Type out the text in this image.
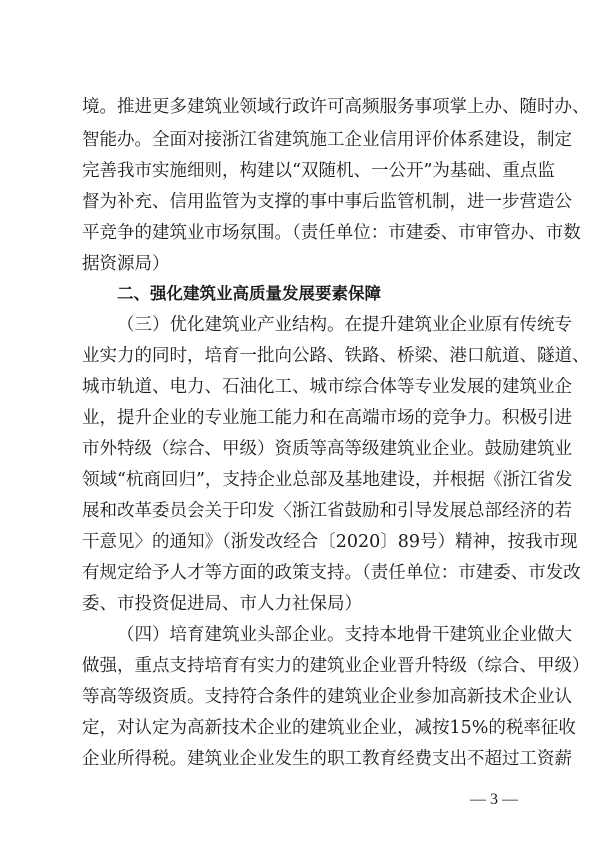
境。推进更多建筑业领域行政许可高频服务事项掌上办、随时办、
智能办。全面对接浙江省建筑施工企业信用评价体系建设，制定
完善我市实施细则，构建以“双随机、一公开”为基础、重点监
督为补充、信用监管为支撑的事中事后监管机制，进一步营造公
平竞争的建筑业市场氛围。（责任单位：市建委、市审管办、市数
据资源局）
二、强化建筑业高质量发展要素保障
（三）优化建筑业产业结构。在提升建筑业企业原有传统专
业实力的同时，培育一批向公路、铁路、桥梁、港口航道、隧道、
城市轨道、电力、石油化工、城市综合体等专业发展的建筑业企
业，提升企业的专业施工能力和在高端市场的竞争力。积极引进
市外特级（综合、甲级）资质等高等级建筑业企业。鼓励建筑业
领域“杭商回归”，支持企业总部及基地建设，并根据《浙江省发
展和改革委员会关于印发〈浙江省鼓励和引导发展总部经济的若
干意见〉的通知》（浙发改经合〔2020〕89号）精神，按我市现
有规定给予人才等方面的政策支持。（责任单位：市建委、市发改
委、市投资促进局、市人力社保局）
（四）培育建筑业头部企业。支持本地骨干建筑业企业做大
做强，重点支持培育有实力的建筑业企业晋升特级（综合、甲级）
等高等级资质。支持符合条件的建筑业企业参加高新技术企业认
定，对认定为高新技术企业的建筑业企业，减按15%的税率征收
企业所得税。建筑业企业发生的职工教育经费支出不超过工资薪
— 3 —
